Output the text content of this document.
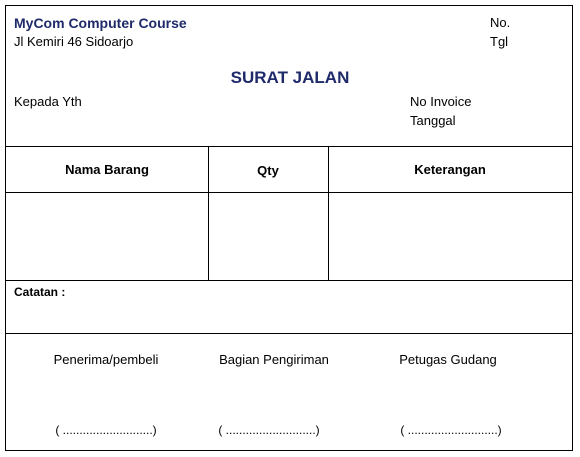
MyCom Computer Course
Jl Kemiri 46 Sidoarjo
No.
Tgl
SURAT JALAN
Kepada Yth	No Invoice
Tanggal
Nama Barang	Qty	Keterangan
Catatan :
Penerima/pembeli	Bagian Pengiriman	Petugas Gudang
( ...........................)	( ...........................)	( ...........................)
